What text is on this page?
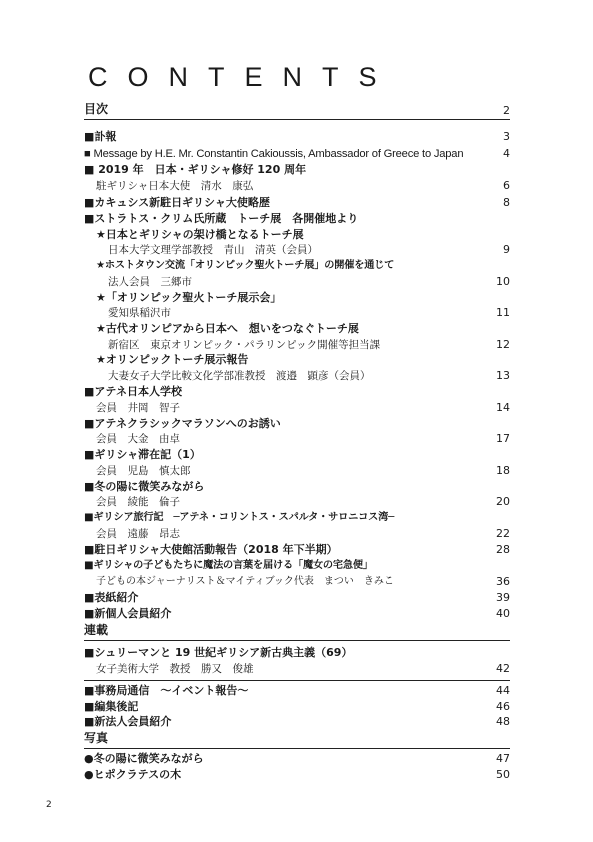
CONTENTS
目次	2
■訃報	3
■ Message by H.E. Mr. Constantin Cakioussis, Ambassador of Greece to Japan	4
■ 2019 年　日本・ギリシャ修好 120 周年
駐ギリシャ日本大使　清水　康弘	6
■カキュシス新駐日ギリシャ大使略歴	8
■ストラトス・クリム氏所蔵　トーチ展　各開催地より
★日本とギリシャの架け橋となるトーチ展
日本大学文理学部教授　青山　清英（会員）	9
★ホストタウン交流「オリンピック聖火トーチ展」の開催を通じて
法人会員　三郷市	10
★「オリンピック聖火トーチ展示会」
愛知県稲沢市	11
★古代オリンピアから日本へ　想いをつなぐトーチ展
新宿区　東京オリンピック・パラリンピック開催等担当課	12
★オリンピックトーチ展示報告
大妻女子大学比較文化学部准教授　渡邉　顕彦（会員）	13
■アテネ日本人学校
会員　井岡　智子	14
■アテネクラシックマラソンへのお誘い
会員　大金　由卓	17
■ギリシャ滞在記（1）
会員　児島　慎太郎	18
■冬の陽に微笑みながら
会員　綾能　倫子	20
■ギリシア旅行記　─アテネ・コリントス・スパルタ・サロニコス湾─
会員　遠藤　昂志	22
■駐日ギリシャ大使館活動報告（2018 年下半期）	28
■ギリシャの子どもたちに魔法の言葉を届ける「魔女の宅急便」
子どもの本ジャーナリスト＆マイティブック代表　まつい　きみこ	36
■表紙紹介	39
■新個人会員紹介	40
連載
■シュリーマンと 19 世紀ギリシア新古典主義（69）
女子美術大学　教授　勝又　俊雄	42
■事務局通信　～イベント報告～	44
■編集後記	46
■新法人会員紹介	48
写真
●冬の陽に微笑みながら	47
●ヒポクラテスの木	50
2
